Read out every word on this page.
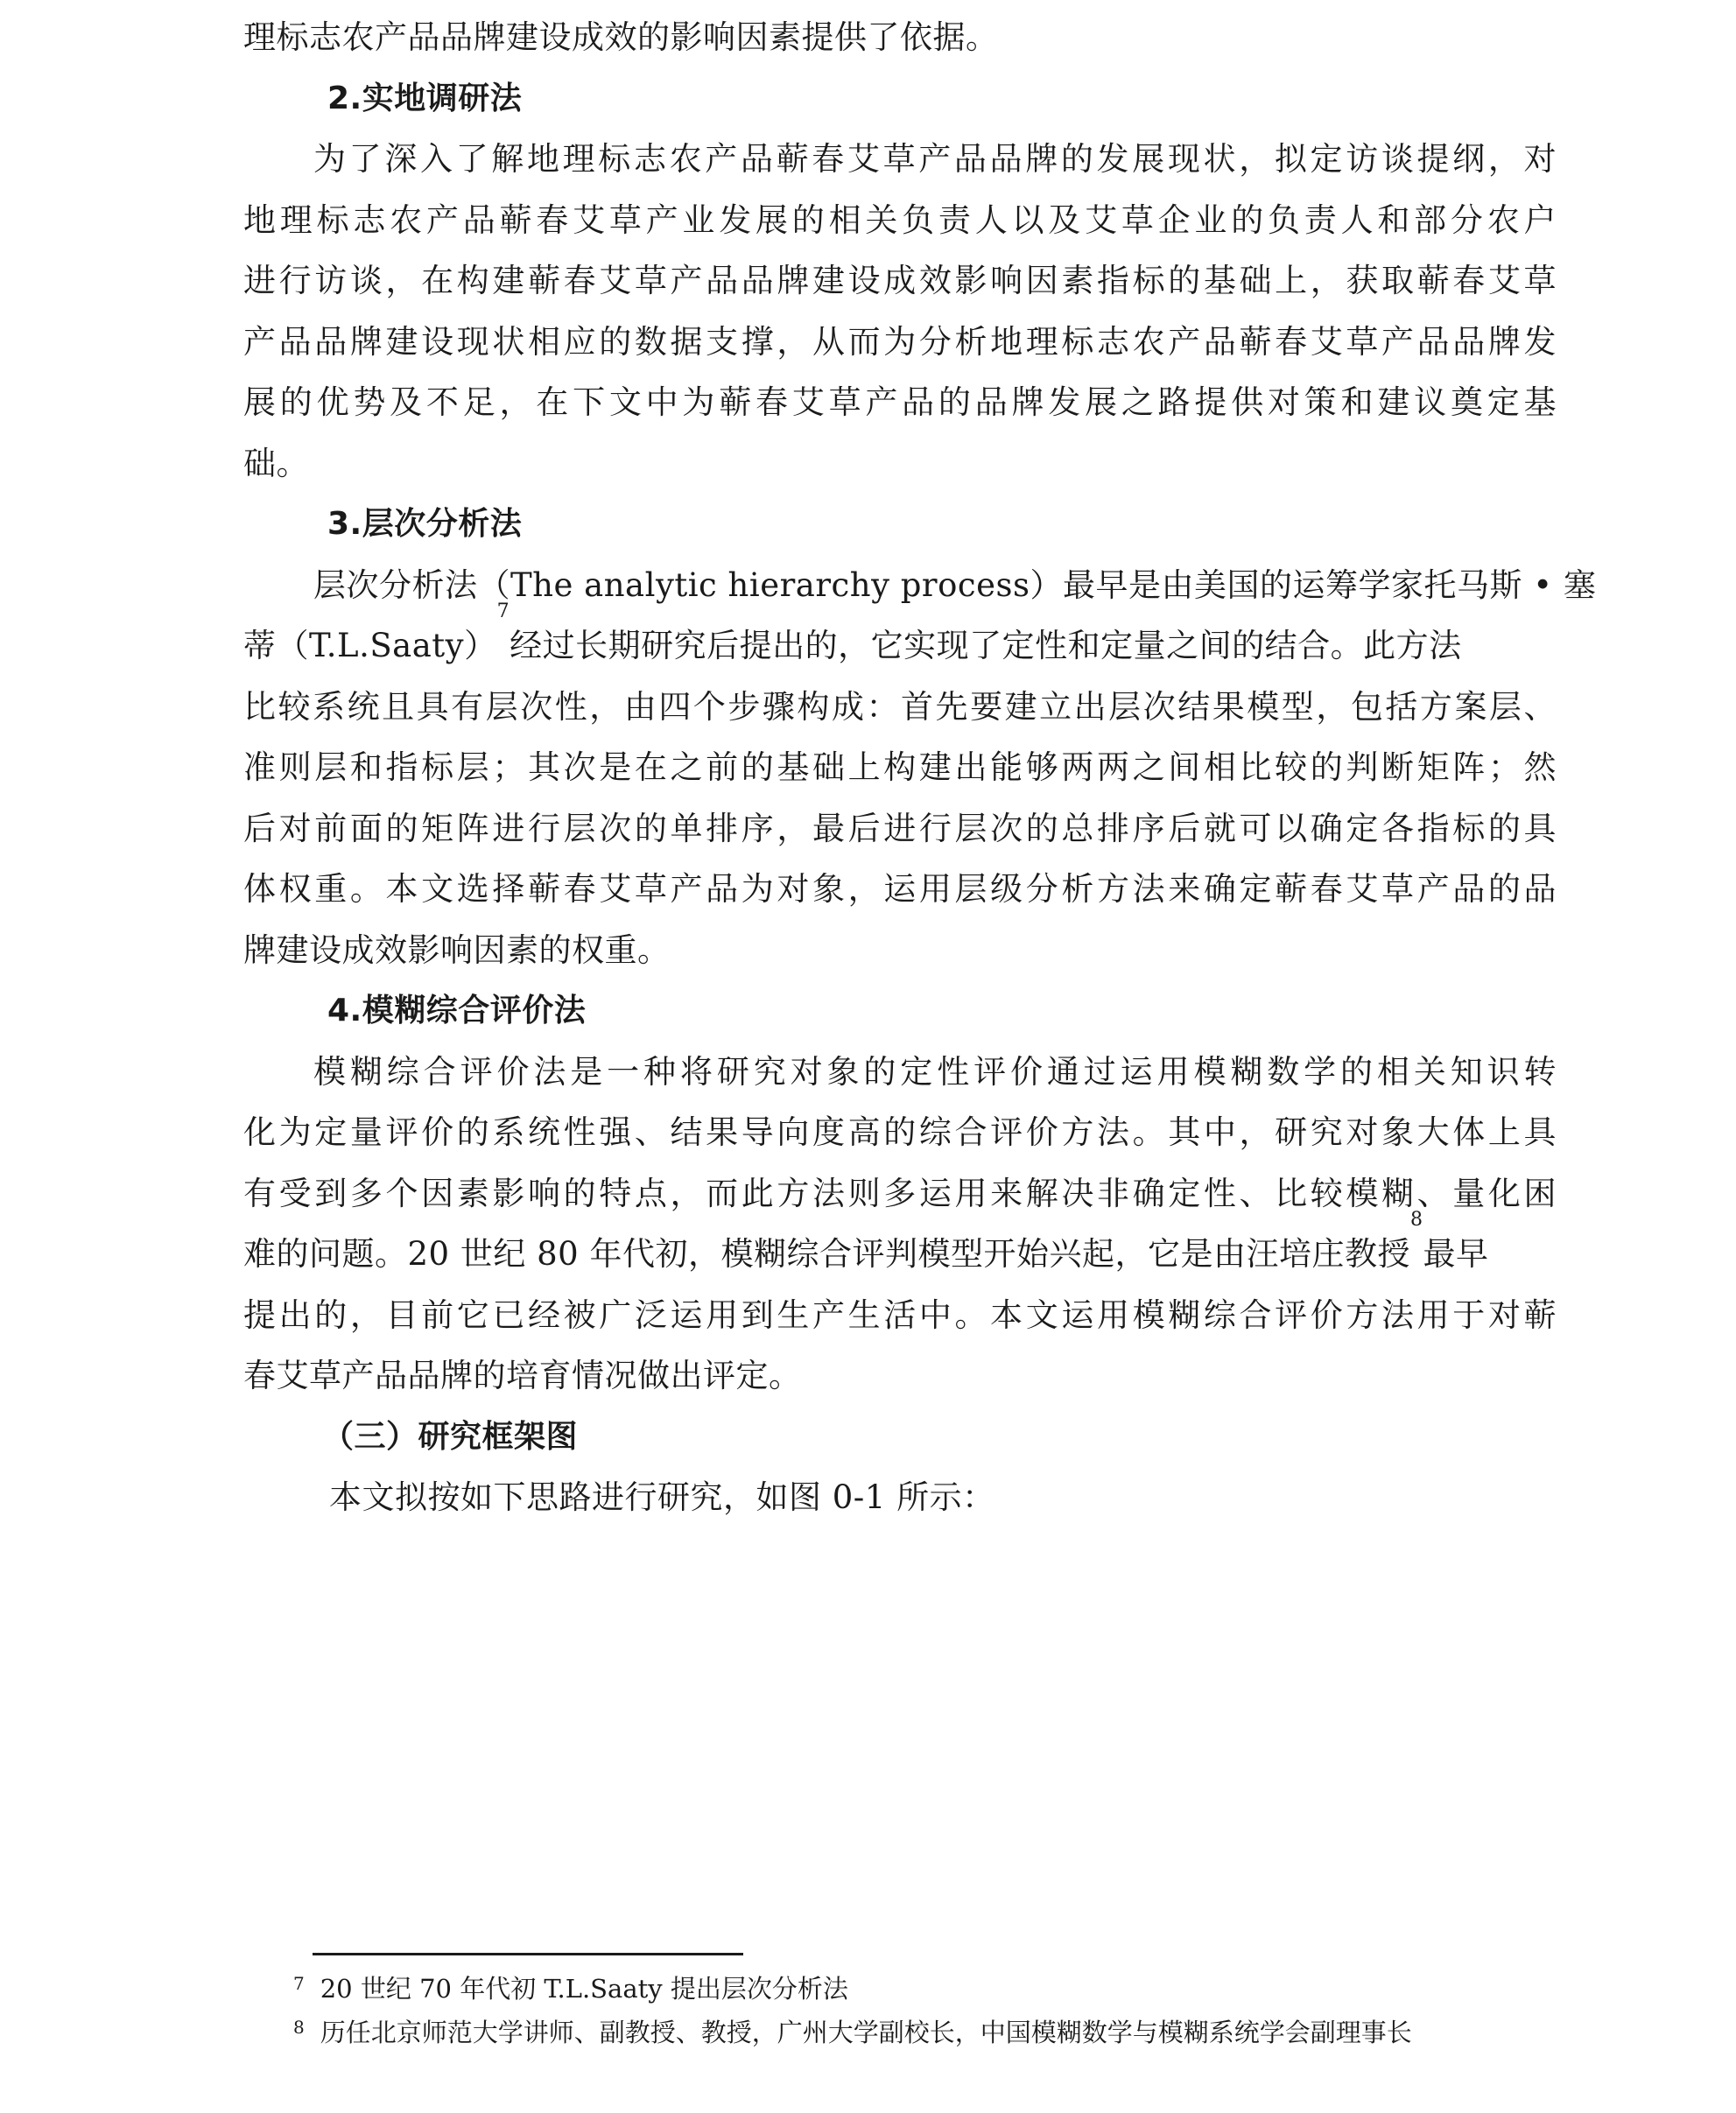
理标志农产品品牌建设成效的影响因素提供了依据。
2.实地调研法
为了深入了解地理标志农产品蕲春艾草产品品牌的发展现状，拟定访谈提纲，对
地理标志农产品蕲春艾草产业发展的相关负责人以及艾草企业的负责人和部分农户
进行访谈，在构建蕲春艾草产品品牌建设成效影响因素指标的基础上，获取蕲春艾草
产品品牌建设现状相应的数据支撑，从而为分析地理标志农产品蕲春艾草产品品牌发
展的优势及不足，在下文中为蕲春艾草产品的品牌发展之路提供对策和建议奠定基
础。
3.层次分析法
层次分析法（The analytic hierarchy process）最早是由美国的运筹学家托马斯 • 塞
蒂（T.L.Saaty）$^7$经过长期研究后提出的，它实现了定性和定量之间的结合。此方法
比较系统且具有层次性，由四个步骤构成：首先要建立出层次结果模型，包括方案层、
准则层和指标层；其次是在之前的基础上构建出能够两两之间相比较的判断矩阵；然
后对前面的矩阵进行层次的单排序，最后进行层次的总排序后就可以确定各指标的具
体权重。本文选择蕲春艾草产品为对象，运用层级分析方法来确定蕲春艾草产品的品
牌建设成效影响因素的权重。
4.模糊综合评价法
模糊综合评价法是一种将研究对象的定性评价通过运用模糊数学的相关知识转
化为定量评价的系统性强、结果导向度高的综合评价方法。其中，研究对象大体上具
有受到多个因素影响的特点，而此方法则多运用来解决非确定性、比较模糊、量化困
难的问题。20 世纪 80 年代初，模糊综合评判模型开始兴起，它是由汪培庄教授$^8$最早
提出的，目前它已经被广泛运用到生产生活中。本文运用模糊综合评价方法用于对蕲
春艾草产品品牌的培育情况做出评定。
（三）研究框架图
本文拟按如下思路进行研究，如图 0-1 所示：
7 20 世纪 70 年代初 T.L.Saaty 提出层次分析法
8 历任北京师范大学讲师、副教授、教授，广州大学副校长，中国模糊数学与模糊系统学会副理事长
